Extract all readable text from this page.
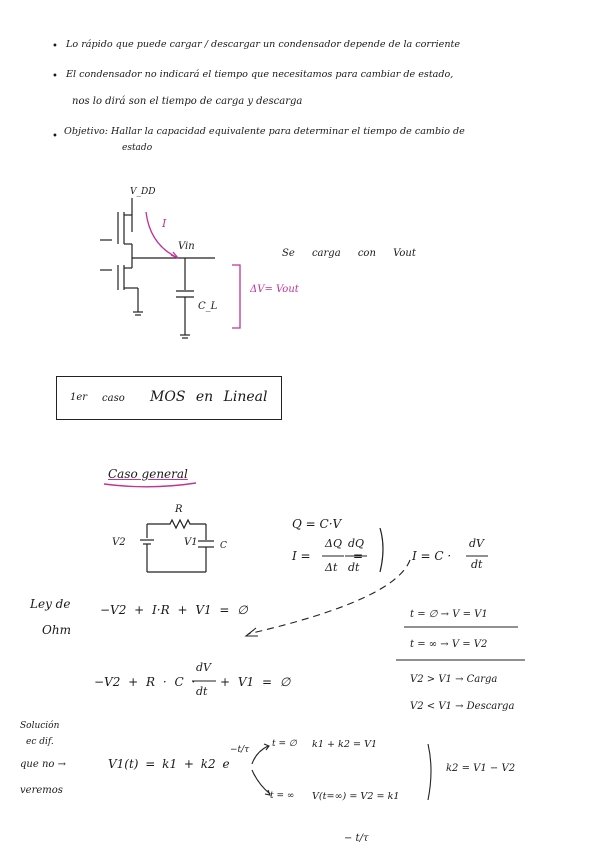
• Lo rápido que puede cargar / descargar un condensador depende de la corriente
• El condensador no indicará el tiempo que necesitamos para cambiar de estado,
nos lo dirá son el tiempo de carga y descarga
• Objetivo: Hallar la capacidad equivalente para determinar el tiempo de cambio de
estado
V_DD
I
Vin
C_L
ΔV= Vout
Se carga con Vout
1er caso MOS en Lineal
Caso general
R
V2	V1 C
Q = C·V
I =
ΔQ
Δt
=
dQ
dt
I = C ·
dV
dt
Ley de
Ohm
−V2 + I·R + V1 = ∅	t = ∅ → V = V1
t = ∞ → V = V2
V2 > V1 → Carga
V2 < V1 → Descarga
−V2 + R · C ·
dV
dt
+ V1 = ∅
Solución
ec dif.
que no →
veremos
V1(t) = k1 + k2 e
−t/τ
t = ∅ k1 + k2 = V1
t = ∞ V(t=∞) = V2 = k1
k2 = V1 − V2
− t/τ
